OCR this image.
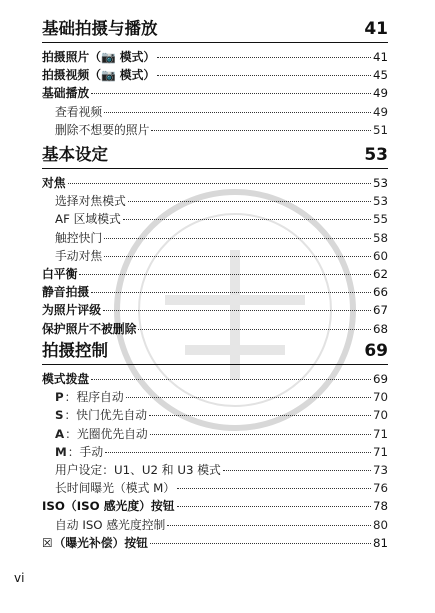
基础拍摄与播放	41
拍摄照片（📷 模式）	41
拍摄视频（📷 模式）	45
基础播放	49
查看视频	49
删除不想要的照片	51
基本设定	53
对焦	53
选择对焦模式	53
AF 区域模式	55
触控快门	58
手动对焦	60
白平衡	62
静音拍摄	66
为照片评级	67
保护照片不被删除	68
拍摄控制	69
模式拨盘	69
P ：程序自动	70
S ：快门优先自动	70
A ：光圈优先自动	71
M ：手动	71
用户设定：U1、U2 和 U3 模式	73
长时间曝光（模式 M）	76
ISO（ISO 感光度）按钮	78
自动 ISO 感光度控制	80
☒ （曝光补偿）按钮	81
vi
